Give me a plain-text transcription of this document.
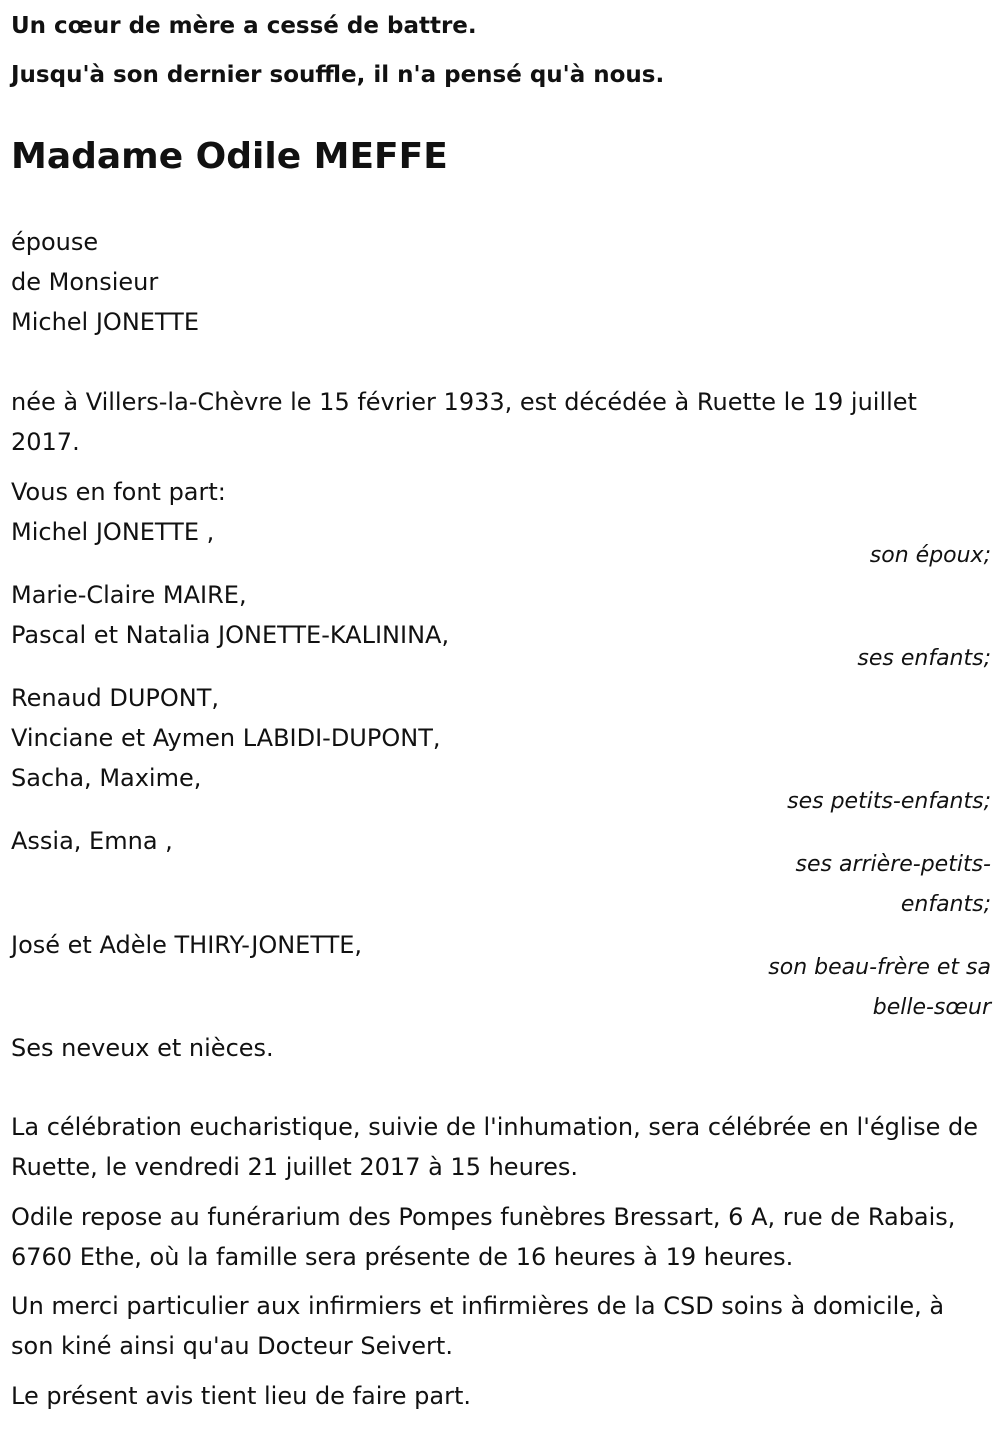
Un cœur de mère a cessé de battre.

Jusqu'à son dernier souffle, il n'a pensé qu'à nous.

Madame Odile MEFFE
épouse
de Monsieur
Michel JONETTE
née à Villers-la-Chèvre le 15 février 1933, est décédée à Ruette le 19 juillet 2017.
Vous en font part:
Michel JONETTE ,
son époux;
Marie-Claire MAIRE,
Pascal et Natalia JONETTE-KALININA,
ses enfants;
Renaud DUPONT,
Vinciane et Aymen LABIDI-DUPONT,
Sacha, Maxime,
ses petits-enfants;
Assia, Emna ,
ses arrière-petits-enfants;
José et Adèle THIRY-JONETTE,
son beau-frère et sa belle-sœur
Ses neveux et nièces.
La célébration eucharistique, suivie de l'inhumation, sera célébrée en l'église de Ruette, le vendredi 21 juillet 2017 à 15 heures.
Odile repose au funérarium des Pompes funèbres Bressart, 6 A, rue de Rabais, 6760 Ethe, où la famille sera présente de 16 heures à 19 heures.
Un merci particulier aux infirmiers et infirmières de la CSD soins à domicile, à son kiné ainsi qu'au Docteur Seivert.
Le présent avis tient lieu de faire part.
